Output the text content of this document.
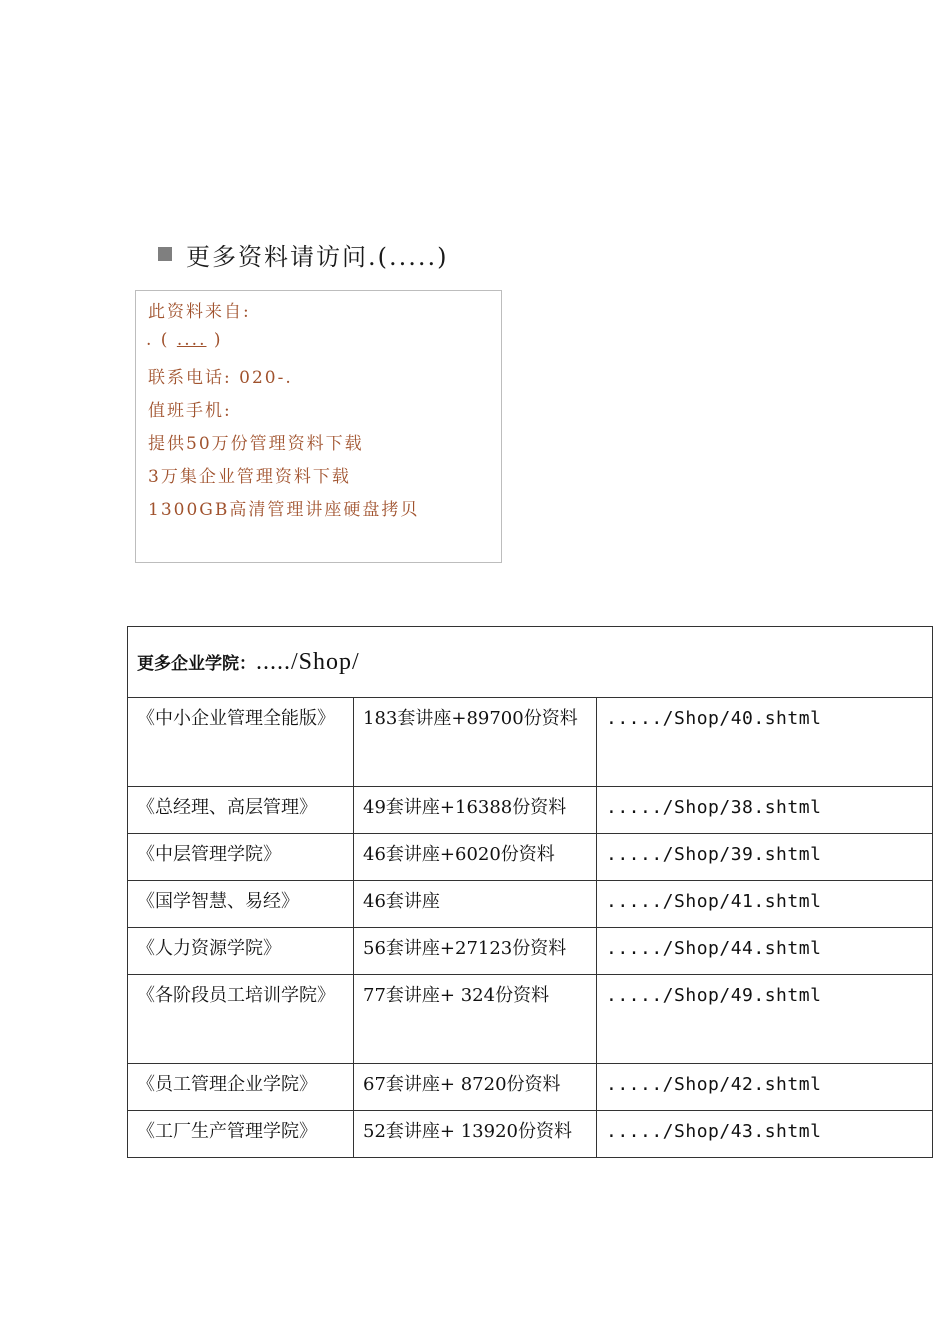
更多资料请访问.(.....)
此资料来自:
. ( .... )
联系电话: 020-.
值班手机:
提供50万份管理资料下载
3万集企业管理资料下载
1300GB高清管理讲座硬盘拷贝
更多企业学院：...../Shop/		
《中小企业管理全能版》	183套讲座+89700份资料	...../Shop/40.shtml
《总经理、高层管理》	49套讲座+16388份资料	...../Shop/38.shtml
《中层管理学院》	46套讲座+6020份资料	...../Shop/39.shtml
《国学智慧、易经》	46套讲座	...../Shop/41.shtml
《人力资源学院》	56套讲座+27123份资料	...../Shop/44.shtml
《各阶段员工培训学院》	77套讲座+ 324份资料	...../Shop/49.shtml
《员工管理企业学院》	67套讲座+ 8720份资料	...../Shop/42.shtml
《工厂生产管理学院》	52套讲座+ 13920份资料	...../Shop/43.shtml
